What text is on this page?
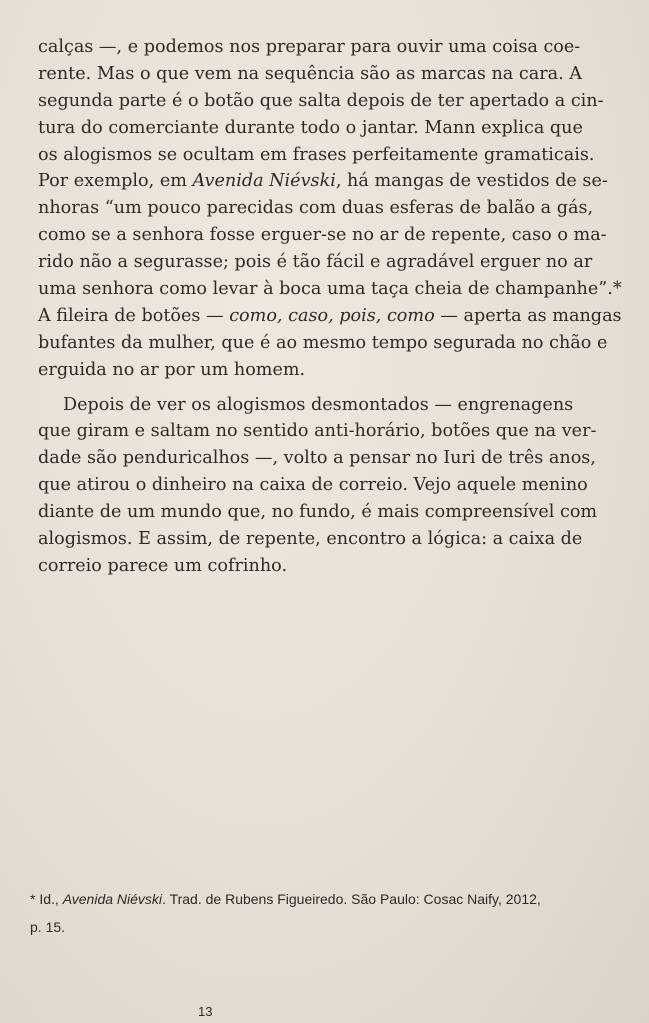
calças —, e podemos nos preparar para ouvir uma coisa coe-
rente. Mas o que vem na sequência são as marcas na cara. A
segunda parte é o botão que salta depois de ter apertado a cin-
tura do comerciante durante todo o jantar. Mann explica que
os alogismos se ocultam em frases perfeitamente gramaticais.
Por exemplo, em Avenida Niévski, há mangas de vestidos de se-
nhoras “um pouco parecidas com duas esferas de balão a gás,
como se a senhora fosse erguer-se no ar de repente, caso o ma-
rido não a segurasse; pois é tão fácil e agradável erguer no ar
uma senhora como levar à boca uma taça cheia de champanhe”.*
A fileira de botões — como, caso, pois, como — aperta as mangas
bufantes da mulher, que é ao mesmo tempo segurada no chão e
erguida no ar por um homem.
Depois de ver os alogismos desmontados — engrenagens
que giram e saltam no sentido anti-horário, botões que na ver-
dade são penduricalhos —, volto a pensar no Iuri de três anos,
que atirou o dinheiro na caixa de correio. Vejo aquele menino
diante de um mundo que, no fundo, é mais compreensível com
alogismos. E assim, de repente, encontro a lógica: a caixa de
correio parece um cofrinho.
* Id., Avenida Niévski. Trad. de Rubens Figueiredo. São Paulo: Cosac Naify, 2012,
p. 15.
13
